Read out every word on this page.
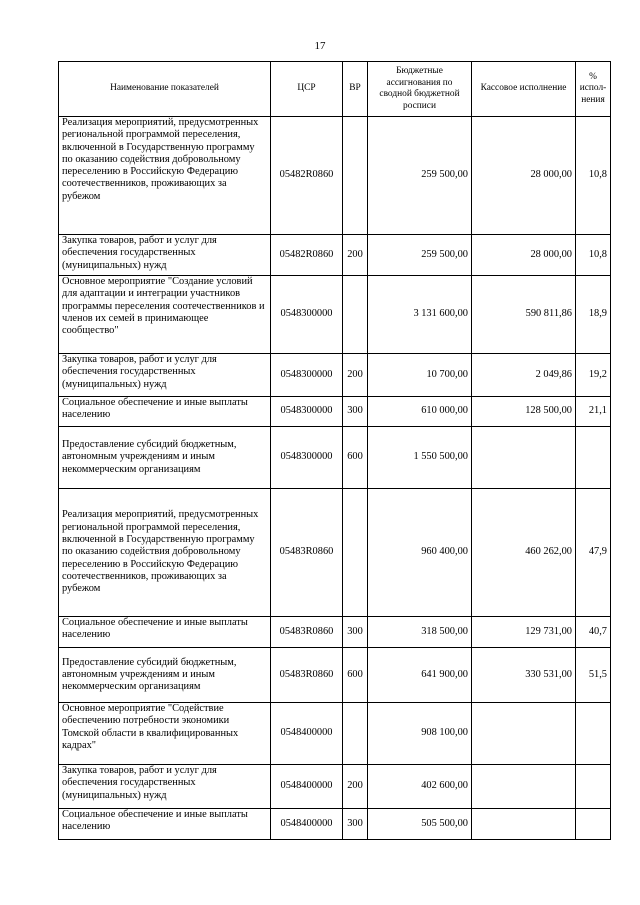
17
Наименование показателей	ЦСР	ВР	Бюджетные ассигнования по сводной бюджетной росписи	Кассовое исполнение	% испол-нения
Реализация мероприятий, предусмотренных региональной программой переселения, включенной в Государственную программу по оказанию содействия добровольному переселению в Российскую Федерацию соотечественников, проживающих за рубежом	05482R0860		259 500,00	28 000,00	10,8
Закупка товаров, работ и услуг для обеспечения государственных (муниципальных) нужд	05482R0860	200	259 500,00	28 000,00	10,8
Основное мероприятие "Создание условий для адаптации и интеграции участников программы переселения соотечественников и членов их семей в принимающее сообщество"	0548300000		3 131 600,00	590 811,86	18,9
Закупка товаров, работ и услуг для обеспечения государственных (муниципальных) нужд	0548300000	200	10 700,00	2 049,86	19,2
Социальное обеспечение и иные выплаты населению	0548300000	300	610 000,00	128 500,00	21,1
Предоставление субсидий бюджетным, автономным учреждениям и иным некоммерческим организациям	0548300000	600	1 550 500,00		
Реализация мероприятий, предусмотренных региональной программой переселения, включенной в Государственную программу по оказанию содействия добровольному переселению в Российскую Федерацию соотечественников, проживающих за рубежом	05483R0860		960 400,00	460 262,00	47,9
Социальное обеспечение и иные выплаты населению	05483R0860	300	318 500,00	129 731,00	40,7
Предоставление субсидий бюджетным, автономным учреждениям и иным некоммерческим организациям	05483R0860	600	641 900,00	330 531,00	51,5
Основное мероприятие "Содействие обеспечению потребности экономики Томской области в квалифицированных кадрах"	0548400000		908 100,00		
Закупка товаров, работ и услуг для обеспечения государственных (муниципальных) нужд	0548400000	200	402 600,00		
Социальное обеспечение и иные выплаты населению	0548400000	300	505 500,00		
